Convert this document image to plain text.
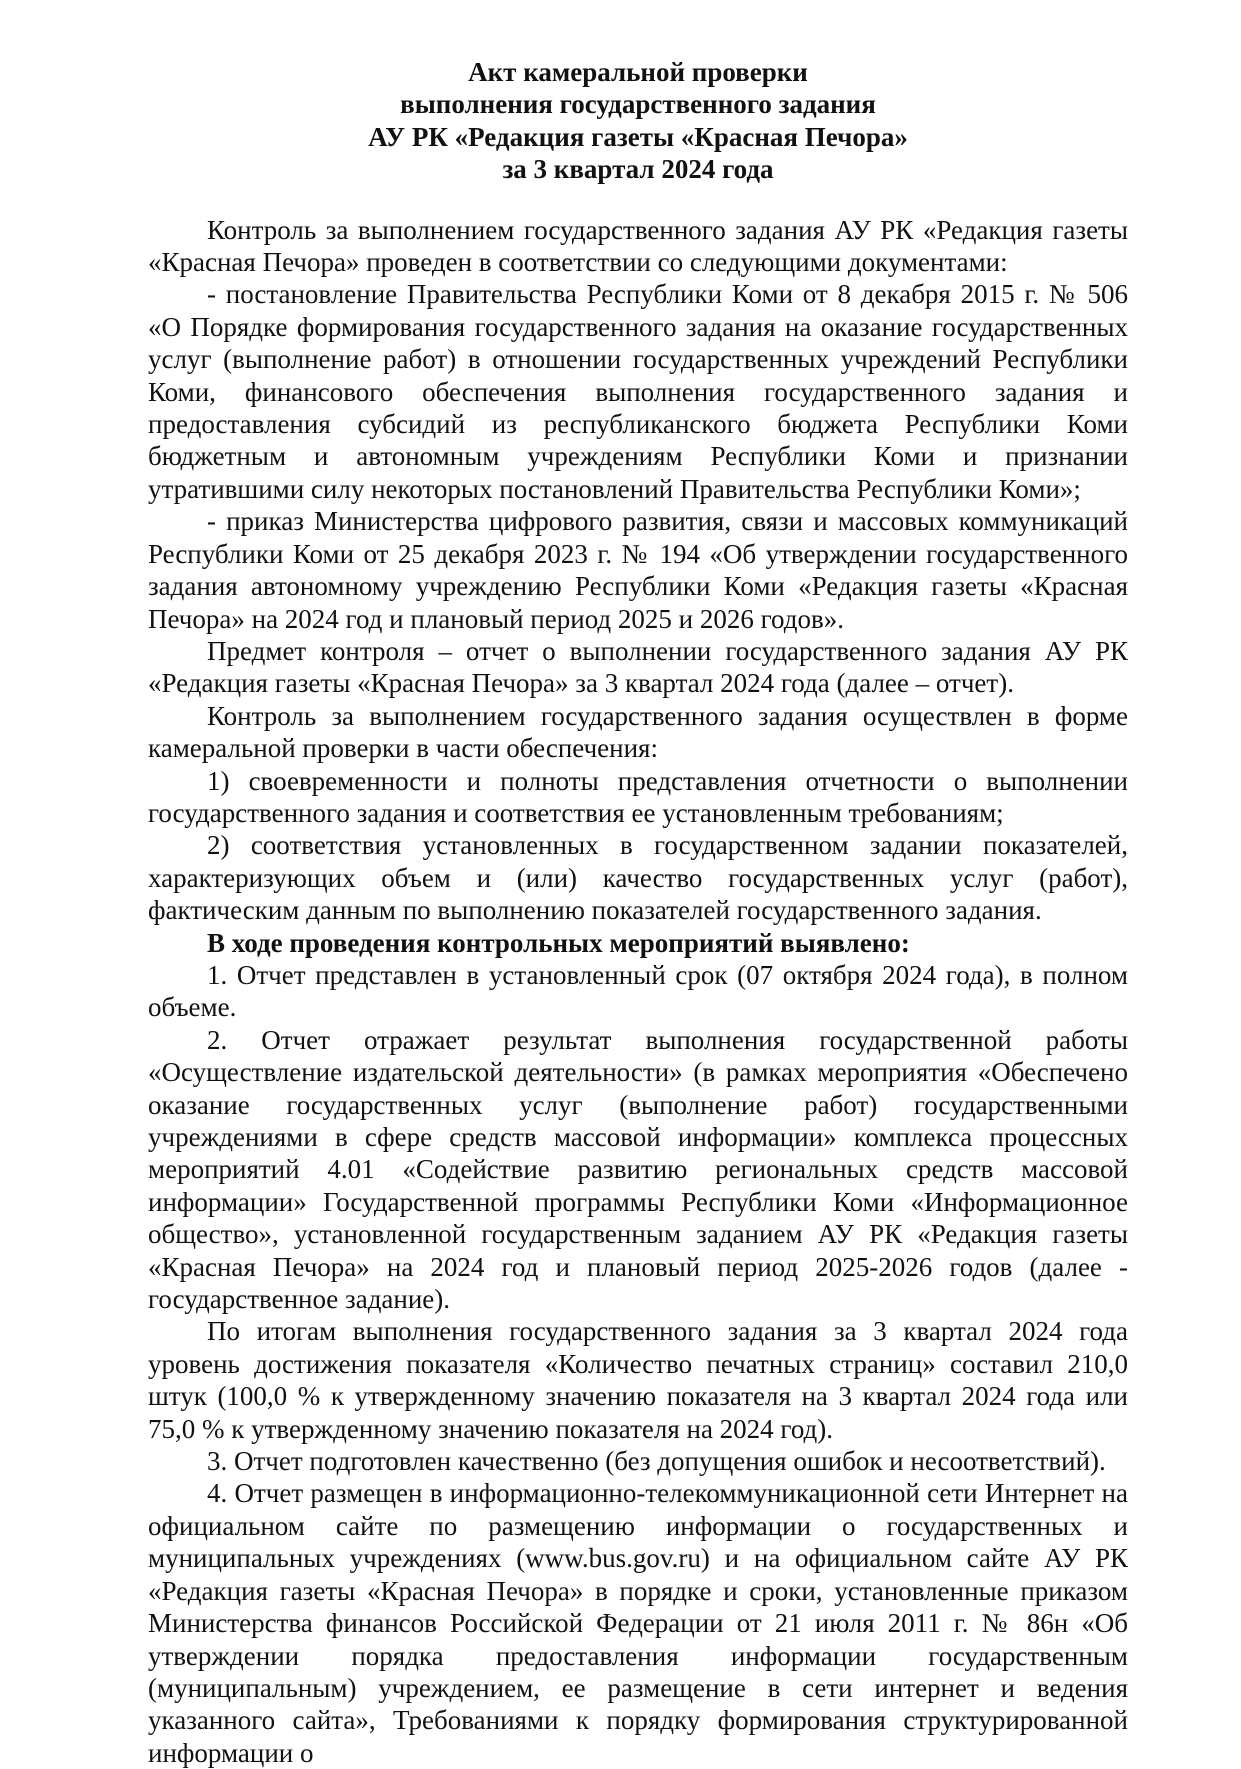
Акт камеральной проверки
выполнения государственного задания
АУ РК «Редакция газеты «Красная Печора»
за 3 квартал 2024 года

Контроль за выполнением государственного задания АУ РК «Редакция газеты «Красная Печора» проведен в соответствии со следующими документами:

- постановление Правительства Республики Коми от 8 декабря 2015 г. № 506 «О Порядке формирования государственного задания на оказание государственных услуг (выполнение работ) в отношении государственных учреждений Республики Коми, финансового обеспечения выполнения государственного задания и предоставления субсидий из республиканского бюджета Республики Коми бюджетным и автономным учреждениям Республики Коми и признании утратившими силу некоторых постановлений Правительства Республики Коми»;

- приказ Министерства цифрового развития, связи и массовых коммуникаций Республики Коми от 25 декабря 2023 г. № 194 «Об утверждении государственного задания автономному учреждению Республики Коми «Редакция газеты «Красная Печора» на 2024 год и плановый период 2025 и 2026 годов».

Предмет контроля – отчет о выполнении государственного задания АУ РК «Редакция газеты «Красная Печора» за 3 квартал 2024 года (далее – отчет).

Контроль за выполнением государственного задания осуществлен в форме камеральной проверки в части обеспечения:

1) своевременности и полноты представления отчетности о выполнении государственного задания и соответствия ее установленным требованиям;

2) соответствия установленных в государственном задании показателей, характеризующих объем и (или) качество государственных услуг (работ), фактическим данным по выполнению показателей государственного задания.

В ходе проведения контрольных мероприятий выявлено:

1. Отчет представлен в установленный срок (07 октября 2024 года), в полном объеме.

2. Отчет отражает результат выполнения государственной работы «Осуществление издательской деятельности» (в рамках мероприятия «Обеспечено оказание государственных услуг (выполнение работ) государственными учреждениями в сфере средств массовой информации» комплекса процессных мероприятий 4.01 «Содействие развитию региональных средств массовой информации» Государственной программы Республики Коми «Информационное общество», установленной государственным заданием АУ РК «Редакция газеты «Красная Печора» на 2024 год и плановый период 2025-2026 годов (далее - государственное задание).

По итогам выполнения государственного задания за 3 квартал 2024 года уровень достижения показателя «Количество печатных страниц» составил 210,0 штук (100,0 % к утвержденному значению показателя на 3 квартал 2024 года или 75,0 % к утвержденному значению показателя на 2024 год).

3. Отчет подготовлен качественно (без допущения ошибок и несоответствий).

4. Отчет размещен в информационно-телекоммуникационной сети Интернет на официальном сайте по размещению информации о государственных и муниципальных учреждениях (www.bus.gov.ru) и на официальном сайте АУ РК «Редакция газеты «Красная Печора» в порядке и сроки, установленные приказом Министерства финансов Российской Федерации от 21 июля 2011 г. № 86н «Об утверждении порядка предоставления информации государственным (муниципальным) учреждением, ее размещение в сети интернет и ведения указанного сайта», Требованиями к порядку формирования структурированной информации о
